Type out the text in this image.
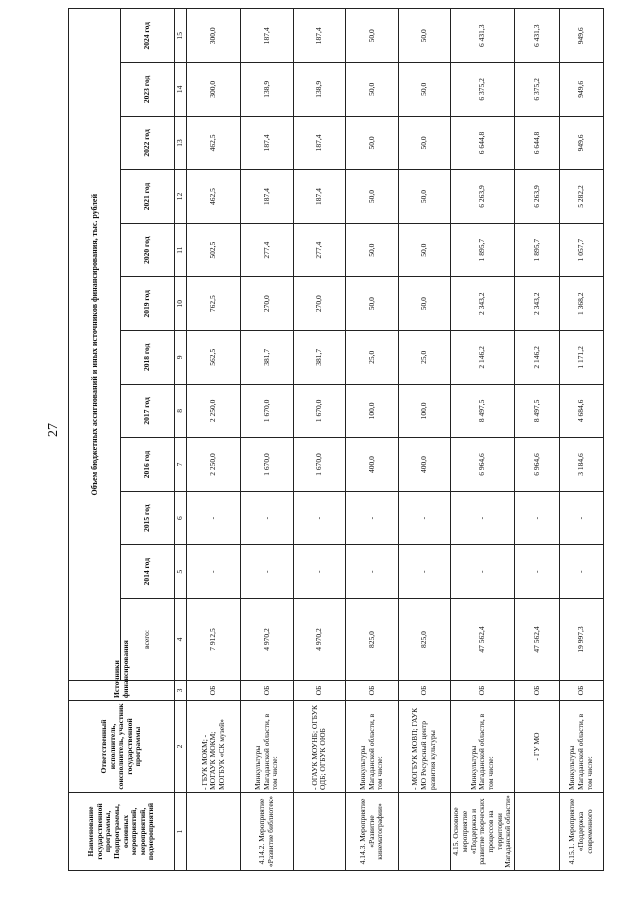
27
Наименование государственной программы, Подпрограммы, основных мероприятий, мероприятий, подмероприятий	Ответственный исполнитель, соисполнитель, участник государственной программы	Источники финансирования	Объем бюджетных ассигнований и иных источников финансирования, тыс. рублей											
			всего:	2014 год	2015 год	2016 год	2017 год	2018 год	2019 год	2020 год	2021 год	2022 год	2023 год	2024 год
1	2	3	4	5	6	7	8	9	10	11	12	13	14	15
	- ГБУК МОКМ; - МОГАУК МОКМ; МОГБУК «СК музей»	ОБ	7 912,5	-	-	2 250,0	2 250,0	562,5	762,5	502,5	462,5	462,5	300,0	300,0
4.14.2. Мероприятие «Развитие библиотек»	Минкультуры Магаданской области, в том числе:	ОБ	4 970,2	-	-	1 670,0	1 670,0	381,7	270,0	277,4	187,4	187,4	138,9	187,4
	- ОГАУК МОУНБ; ОГБУК ОДБ; ОГБУК ОЮБ	ОБ	4 970,2	-	-	1 670,0	1 670,0	381,7	270,0	277,4	187,4	187,4	138,9	187,4
4.14.3. Мероприятие «Развитие кинематографии»	Минкультуры Магаданской области, в том числе:	ОБ	825,0	-	-	400,0	100,0	25,0	50,0	50,0	50,0	50,0	50,0	50,0
	- МОГБУК МОВП; ГАУК МО Ресурсный центр развития культуры	ОБ	825,0	-	-	400,0	100,0	25,0	50,0	50,0	50,0	50,0	50,0	50,0
4.15. Основное мероприятие «Поддержка и развитие творческих процессов на территории Магаданской области»	Минкультуры Магаданской области, в том числе:	ОБ	47 562,4	-	-	6 964,6	8 497,5	2 146,2	2 343,2	1 895,7	6 263,9	6 644,8	6 375,2	6 431,3
	- ГУ МО	ОБ	47 562,4	-	-	6 964,6	8 497,5	2 146,2	2 343,2	1 895,7	6 263,9	6 644,8	6 375,2	6 431,3
4.15.1. Мероприятие «Поддержка современного	Минкультуры Магаданской области, в том числе:	ОБ	19 997,3	-	-	3 184,6	4 684,6	1 171,2	1 368,2	1 057,7	5 282,2	949,6	949,6	949,6
